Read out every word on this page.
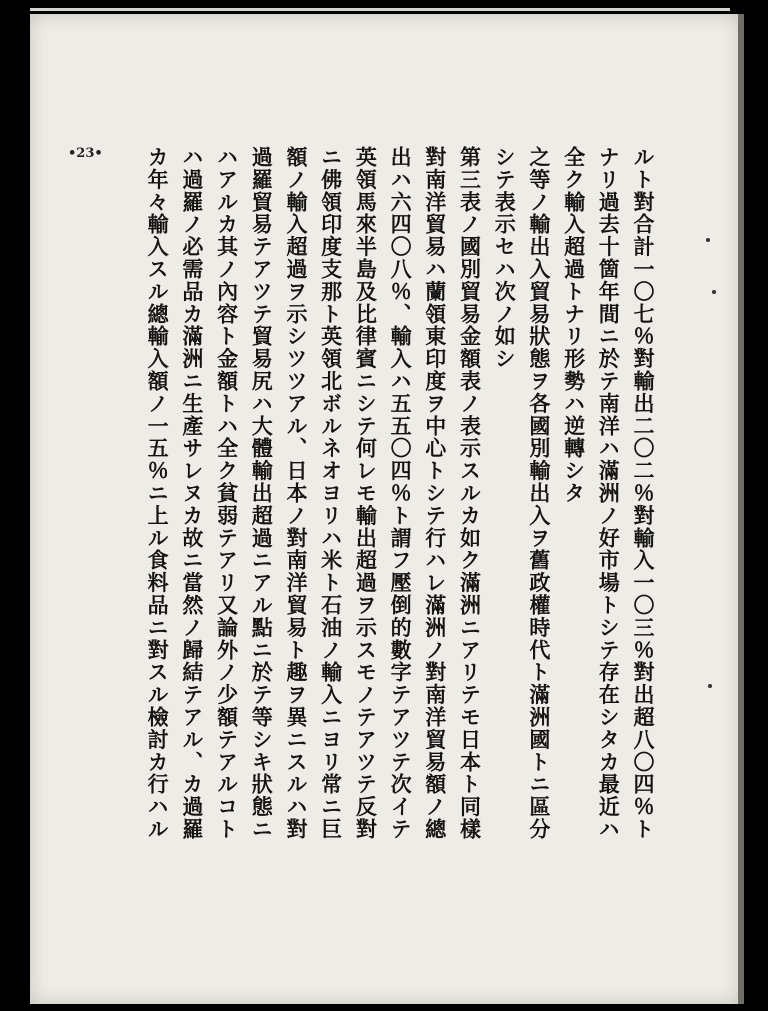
•23•	ルト對合計一〇七％對輸出二〇二％對輸入一〇三％對出超八〇四％ト
ナリ過去十箇年間ニ於テ南洋ハ滿洲ノ好市場トシテ存在シタカ最近ハ
全ク輸入超過トナリ形勢ハ逆轉シタ
之等ノ輸出入貿易狀態ヲ各國別輸出入ヲ舊政權時代ト滿洲國トニ區分
シテ表示セハ次ノ如シ
第三表ノ國別貿易金額表ノ表示スルカ如ク滿洲ニアリテモ日本ト同樣
對南洋貿易ハ蘭領東印度ヲ中心トシテ行ハレ滿洲ノ對南洋貿易額ノ總
出ハ六四〇八％、輸入ハ五五〇四％ト謂フ壓倒的數字テアツテ次イテ
英領馬來半島及比律賓ニシテ何レモ輸出超過ヲ示スモノテアツテ反對
ニ佛領印度支那ト英領北ボルネオヨリハ米ト石油ノ輸入ニヨリ常ニ巨
額ノ輸入超過ヲ示シツツアル、日本ノ對南洋貿易ト趣ヲ異ニスルハ對
過羅貿易テアツテ貿易尻ハ大體輸出超過ニアル點ニ於テ等シキ狀態ニ
ハアルカ其ノ內容ト金額トハ全ク貧弱テアリ又論外ノ少額テアルコト
ハ過羅ノ必需品カ滿洲ニ生產サレヌカ故ニ當然ノ歸結テアル、カ過羅
カ年々輸入スル總輸入額ノ一五％ニ上ル食料品ニ對スル檢討カ行ハル
